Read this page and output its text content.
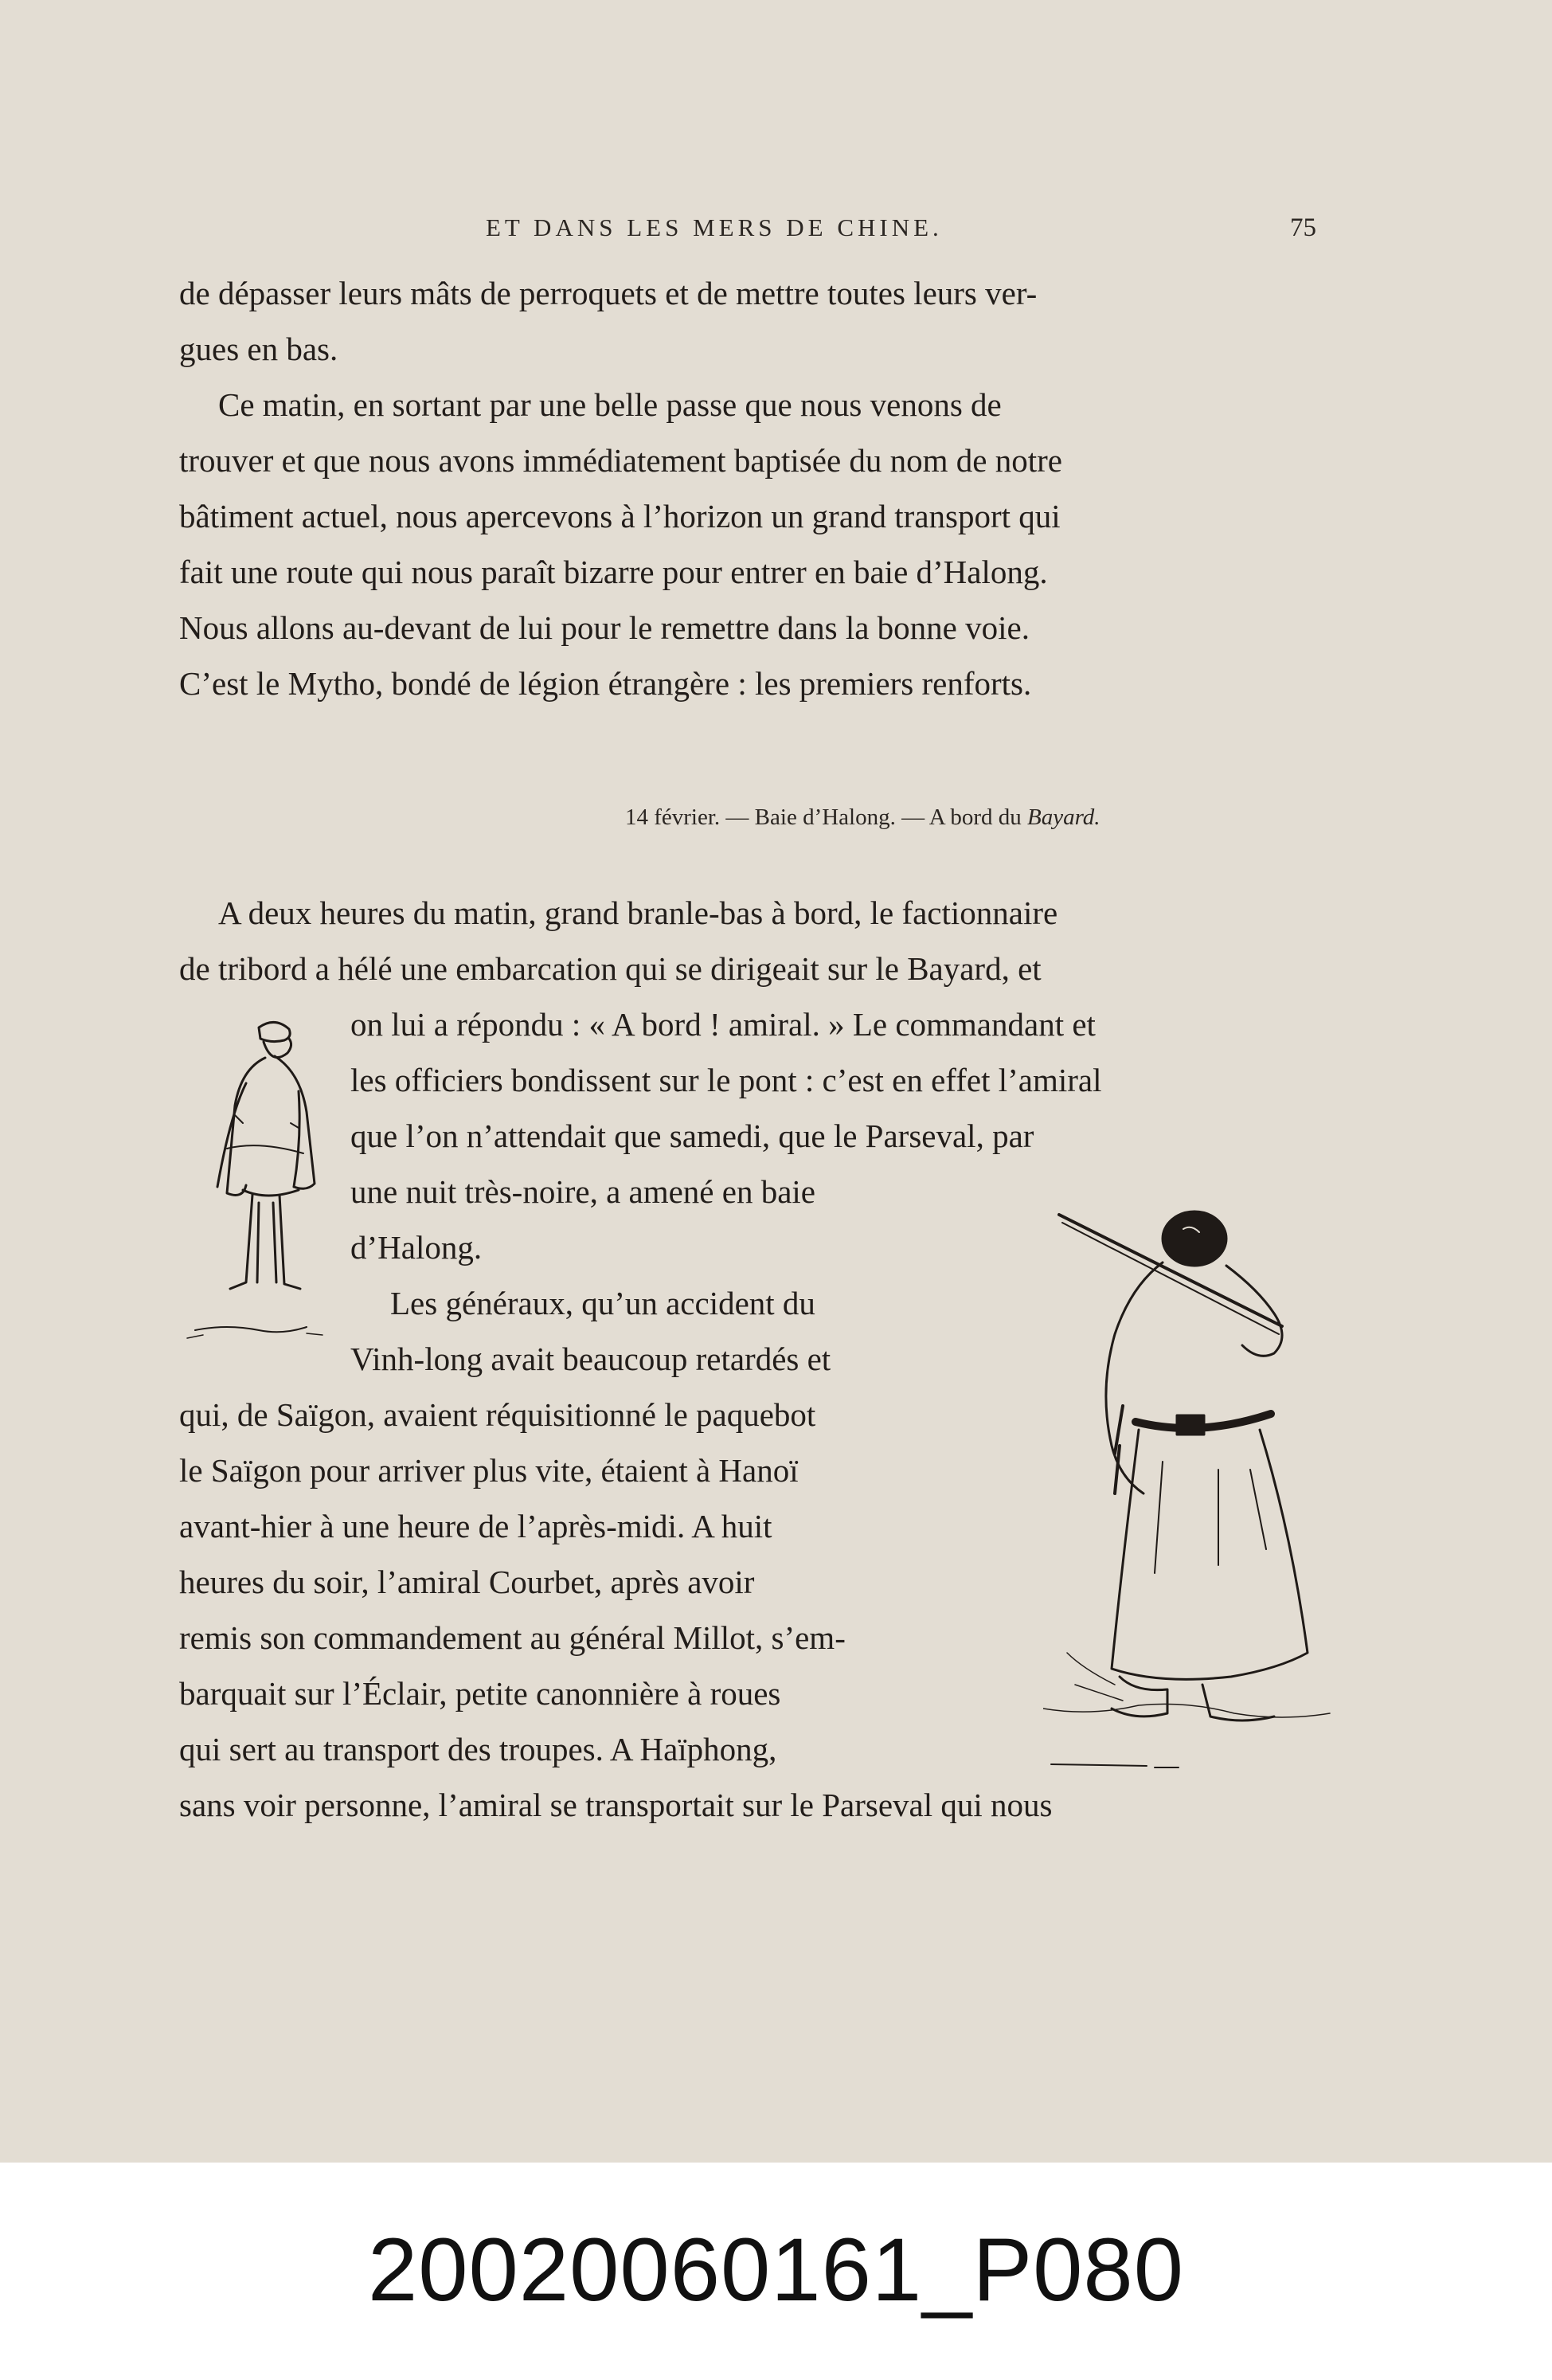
ET DANS LES MERS DE CHINE.	75
de dépasser leurs mâts de perroquets et de mettre toutes leurs ver-
gues en bas.
Ce matin, en sortant par une belle passe que nous venons de
trouver et que nous avons immédiatement baptisée du nom de notre
bâtiment actuel, nous apercevons à l’horizon un grand transport qui
fait une route qui nous paraît bizarre pour entrer en baie d’Halong.
Nous allons au-devant de lui pour le remettre dans la bonne voie.
C’est le Mytho, bondé de légion étrangère : les premiers renforts.
14 février. — Baie d’Halong. — A bord du Bayard.
A deux heures du matin, grand branle-bas à bord, le factionnaire
de tribord a hélé une embarcation qui se dirigeait sur le Bayard, et
on lui a répondu : « A bord ! amiral. » Le commandant et
les officiers bondissent sur le pont : c’est en effet l’amiral
que l’on n’attendait que samedi, que le Parseval, par
une nuit très-noire, a amené en baie
d’Halong.
Les généraux, qu’un accident du
Vinh-long avait beaucoup retardés et
qui, de Saïgon, avaient réquisitionné le paquebot
le Saïgon pour arriver plus vite, étaient à Hanoï
avant-hier à une heure de l’après-midi. A huit
heures du soir, l’amiral Courbet, après avoir
remis son commandement au général Millot, s’em-
barquait sur l’Éclair, petite canonnière à roues
qui sert au transport des troupes. A Haïphong,
sans voir personne, l’amiral se transportait sur le Parseval qui nous
20020060161_P080
